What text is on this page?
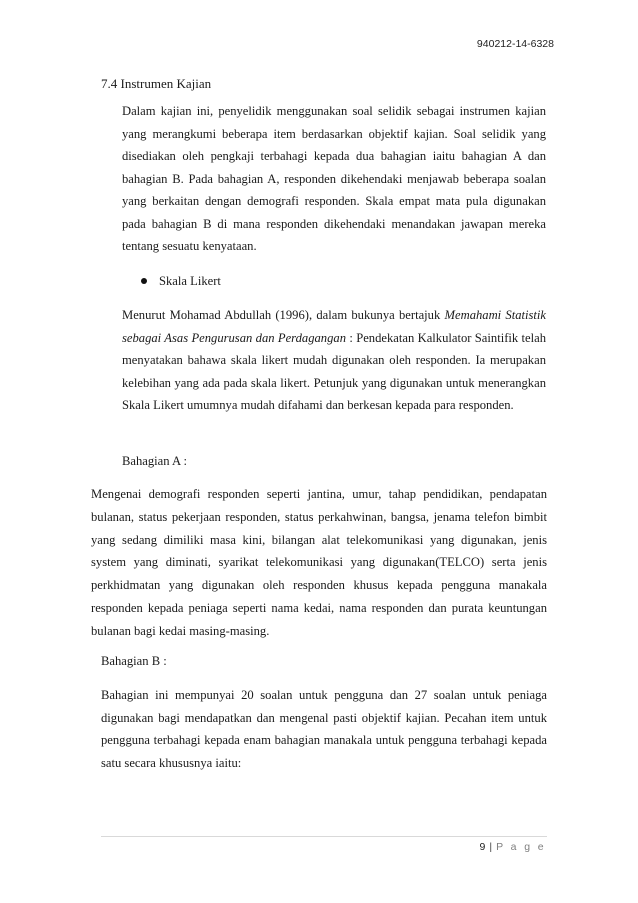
940212-14-6328
7.4 Instrumen Kajian

Dalam kajian ini, penyelidik menggunakan soal selidik sebagai instrumen kajian yang merangkumi beberapa item berdasarkan objektif kajian. Soal selidik yang disediakan oleh pengkaji terbahagi kepada dua bahagian iaitu bahagian A dan bahagian B. Pada bahagian A, responden dikehendaki menjawab beberapa soalan yang berkaitan dengan demografi responden. Skala empat mata pula digunakan pada bahagian B di mana responden dikehendaki menandakan jawapan mereka tentang sesuatu kenyataan.

Skala Likert

Menurut Mohamad Abdullah (1996), dalam bukunya bertajuk Memahami Statistik sebagai Asas Pengurusan dan Perdagangan : Pendekatan Kalkulator Saintifik telah menyatakan bahawa skala likert mudah digunakan oleh responden. Ia merupakan kelebihan yang ada pada skala likert. Petunjuk yang digunakan untuk menerangkan Skala Likert umumnya mudah difahami dan berkesan kepada para responden.

Bahagian A :

Mengenai demografi responden seperti jantina, umur, tahap pendidikan, pendapatan bulanan, status pekerjaan responden, status perkahwinan, bangsa, jenama telefon bimbit yang sedang dimiliki masa kini, bilangan alat telekomunikasi yang digunakan, jenis system yang diminati, syarikat telekomunikasi yang digunakan(TELCO) serta jenis perkhidmatan yang digunakan oleh responden khusus kepada pengguna manakala responden kepada peniaga seperti nama kedai, nama responden dan purata keuntungan bulanan bagi kedai masing-masing.

Bahagian B :

Bahagian ini mempunyai 20 soalan untuk pengguna dan 27 soalan untuk peniaga digunakan bagi mendapatkan dan mengenal pasti objektif kajian. Pecahan item untuk pengguna terbahagi kepada enam bahagian manakala untuk pengguna terbahagi kepada satu secara khususnya iaitu:

9 | P a g e
